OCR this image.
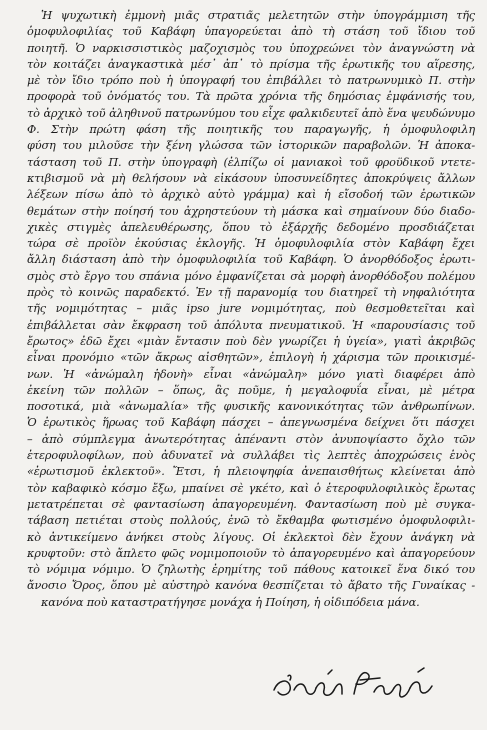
Ἡ ψυχωτικὴ ἐμμονὴ μιᾶς στρατιᾶς μελετητῶν στὴν ὑπογράμμιση τῆς
ὁμοφυλοφιλίας τοῦ Καβάφη ὑπαγορεύεται ἀπὸ τὴ στάση τοῦ ἴδιου τοῦ
ποιητῆ. Ὁ ναρκισσιστικὸς μαζοχισμὸς του ὑποχρεώνει τὸν ἀναγνώστη νὰ
τὸν κοιτάζει ἀναγκαστικὰ μέσ᾽ ἀπ᾽ τὸ πρίσμα τῆς ἐρωτικῆς του αἵρεσης,
μὲ τὸν ἴδιο τρόπο ποὺ ἡ ὑπογραφή του ἐπιβάλλει τὸ πατρωνυμικὸ Π. στὴν
προφορὰ τοῦ ὀνόματός του. Τὰ πρῶτα χρόνια τῆς δημόσιας ἐμφάνισής του,
τὸ ἀρχικὸ τοῦ ἀληθινοῦ πατρωνύμου του εἶχε φαλκιδευτεῖ ἀπὸ ἕνα ψευδώνυμο
Φ. Στὴν πρώτη φάση τῆς ποιητικῆς του παραγωγῆς, ἡ ὁμοφυλοφιλη
φύση του μιλοῦσε τὴν ξένη γλώσσα τῶν ἱστορικῶν παραβολῶν. Ἡ ἀποκα-
τάσταση τοῦ Π. στὴν ὑπογραφὴ (ἐλπίζω οἱ μανιακοὶ τοῦ φροϋδικοῦ ντετε-
κτιβισμοῦ νὰ μὴ θελήσουν νὰ εἰκάσουν ὑποσυνείδητες ἀποκρύψεις ἄλλων
λέξεων πίσω ἀπὸ τὸ ἀρχικὸ αὐτὸ γράμμα) καὶ ἡ εἴσοδοή τῶν ἐρωτικῶν
θεμάτων στὴν ποίησή του ἀχρηστεύουν τὴ μάσκα καὶ σημαίνουν δύο διαδο-
χικὲς στιγμὲς ἀπελευθέρωσης, ὅπου τὸ ἐξάρχῆς δεδομένο προσδιάζεται
τώρα σὲ προϊὸν ἑκούσιας ἐκλογῆς. Ἡ ὁμοφυλοφιλία στὸν Καβάφη ἔχει
ἄλλη διάσταση ἀπὸ τὴν ὁμοφυλοφιλία τοῦ Καβάφη. Ὁ ἀνορθόδοξος ἐρωτι-
σμὸς στὸ ἔργο του σπάνια μόνο ἐμφανίζεται σὰ μορφὴ ἀνορθόδοξου πολέμου
πρὸς τὸ κοινῶς παραδεκτό. Ἐν τῇ παρανομίᾳ του διατηρεῖ τὴ νηφαλιότητα
τῆς νομιμότητας – μιᾶς ipso jure νομιμότητας, ποὺ θεσμοθετεῖται καὶ
ἐπιβάλλεται σὰν ἔκφραση τοῦ ἀπόλυτα πνευματικοῦ. Ἡ «παρουσίασις τοῦ
ἔρωτος» ἐδῶ ἔχει «μιὰν ἔντασιν ποὺ δὲν γνωρίζει ἡ ὑγεία», γιατὶ ἀκριβῶς
εἶναι προνόμιο «τῶν ἄκρως αἰσθητῶν», ἐπιλογὴ ἡ χάρισμα τῶν προικισμέ-
νων. Ἡ «ἀνώμαλη ἡδονὴ» εἶναι «ἀνώμαλη» μόνο γιατὶ διαφέρει ἀπὸ
ἐκείνη τῶν πολλῶν – ὅπως, ἂς ποῦμε, ἡ μεγαλοφυΐα εἶναι, μὲ μέτρα
ποσοτικά, μιὰ «ἀνωμαλία» τῆς φυσικῆς κανονικότητας τῶν ἀνθρωπίνων.
Ὁ ἐρωτικὸς ἥρωας τοῦ Καβάφη πάσχει – ἀπεγνωσμένα δείχνει ὅτι πάσχει
– ἀπὸ σύμπλεγμα ἀνωτερότητας ἀπέναντι στὸν ἀνυποψίαστο ὄχλο τῶν
ἑτεροφυλοφίλων, ποὺ ἀδυνατεῖ νὰ συλλάβει τὶς λεπτὲς ἀποχρώσεις ἑνὸς
«ἐρωτισμοῦ ἐκλεκτοῦ». Ἔτσι, ἡ πλειοψηφία ἀνεπαισθήτως κλείνεται ἀπὸ
τὸν καβαφικὸ κόσμο ἔξω, μπαίνει σὲ γκέτο, καὶ ὁ ἑτεροφυλοφιλικὸς ἔρωτας
μετατρέπεται σὲ φαντασίωση ἀπαγορευμένη. Φαντασίωση ποὺ μὲ συγκα-
τάβαση πετιέται στοὺς πολλούς, ἐνῶ τὸ ἔκθαμβα φωτισμένο ὁμοφυλοφιλι-
κὸ ἀντικείμενο ἀνήκει στοὺς λίγους. Οἱ ἐκλεκτοὶ δὲν ἔχουν ἀνάγκη νὰ
κρυφτοῦν: στὸ ἄπλετο φῶς νομιμοποιοῦν τὸ ἀπαγορευμένο καὶ ἀπαγορεύουν
τὸ νόμιμα νόμιμο. Ὁ ζηλωτὴς ἐρημίτης τοῦ πάθους κατοικεῖ ἕνα δικό του
ἄνοσιο Ὄρος, ὅπου μὲ αὐστηρὸ κανόνα θεσπίζεται τὸ ἄβατο τῆς Γυναίκας -
κανόνα ποὺ καταστρατήγησε μονάχα ἡ Ποίηση, ἡ οἰδιπόδεια μάνα.
